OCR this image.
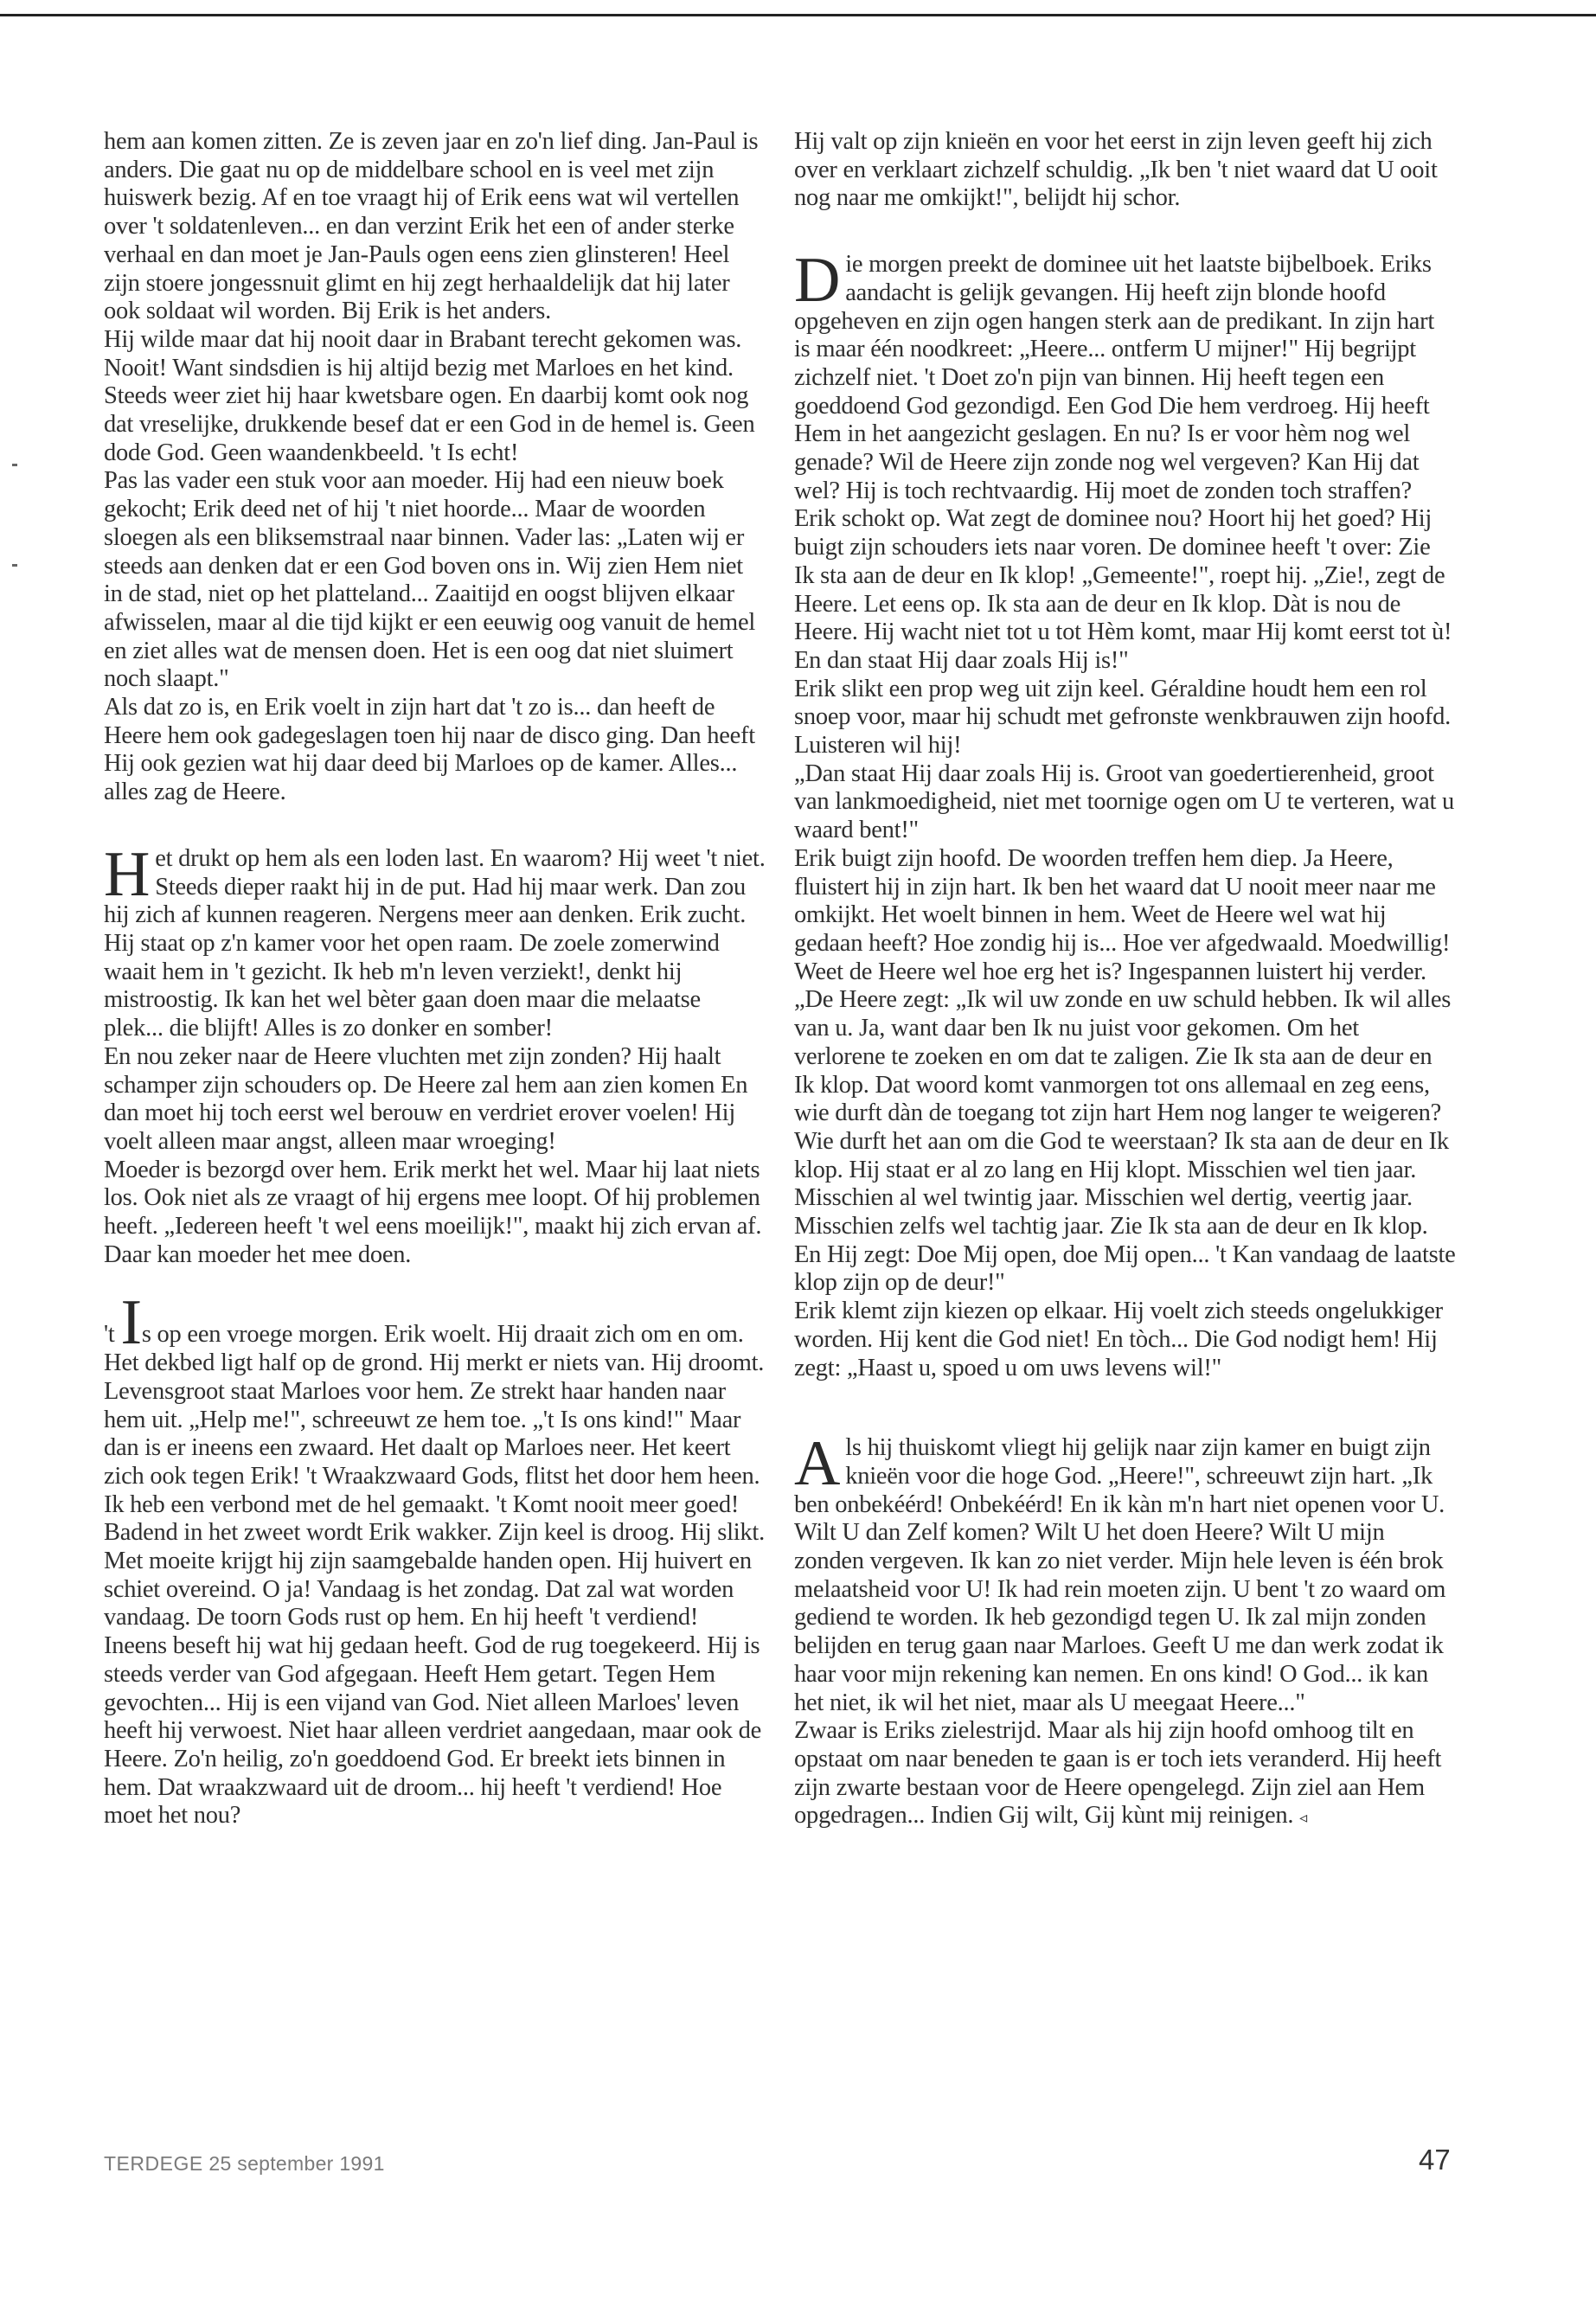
hem aan komen zitten. Ze is zeven jaar en zo'n lief ding. Jan-Paul is anders. Die gaat nu op de middelbare school en is veel met zijn huiswerk bezig. Af en toe vraagt hij of Erik eens wat wil vertellen over 't soldatenleven... en dan verzint Erik het een of ander sterke verhaal en dan moet je Jan-Pauls ogen eens zien glinsteren! Heel zijn stoere jongessnuit glimt en hij zegt herhaaldelijk dat hij later ook soldaat wil worden. Bij Erik is het anders.

Hij wilde maar dat hij nooit daar in Brabant terecht gekomen was. Nooit! Want sindsdien is hij altijd bezig met Marloes en het kind. Steeds weer ziet hij haar kwetsbare ogen. En daarbij komt ook nog dat vreselijke, drukkende besef dat er een God in de hemel is. Geen dode God. Geen waandenkbeeld. 't Is echt!

Pas las vader een stuk voor aan moeder. Hij had een nieuw boek gekocht; Erik deed net of hij 't niet hoorde... Maar de woorden sloegen als een bliksemstraal naar binnen. Vader las: „Laten wij er steeds aan denken dat er een God boven ons in. Wij zien Hem niet in de stad, niet op het platteland... Zaaitijd en oogst blijven elkaar afwisselen, maar al die tijd kijkt er een eeuwig oog vanuit de hemel en ziet alles wat de mensen doen. Het is een oog dat niet sluimert noch slaapt."

Als dat zo is, en Erik voelt in zijn hart dat 't zo is... dan heeft de Heere hem ook gadegeslagen toen hij naar de disco ging. Dan heeft Hij ook gezien wat hij daar deed bij Marloes op de kamer. Alles... alles zag de Heere.

Het drukt op hem als een loden last. En waarom? Hij weet 't niet. Steeds dieper raakt hij in de put. Had hij maar werk. Dan zou hij zich af kunnen reageren. Nergens meer aan denken. Erik zucht. Hij staat op z'n kamer voor het open raam. De zoele zomerwind waait hem in 't gezicht. Ik heb m'n leven verziekt!, denkt hij mistroostig. Ik kan het wel bèter gaan doen maar die melaatse plek... die blijft! Alles is zo donker en somber!

En nou zeker naar de Heere vluchten met zijn zonden? Hij haalt schamper zijn schouders op. De Heere zal hem aan zien komen En dan moet hij toch eerst wel berouw en verdriet erover voelen! Hij voelt alleen maar angst, alleen maar wroeging!

Moeder is bezorgd over hem. Erik merkt het wel. Maar hij laat niets los. Ook niet als ze vraagt of hij ergens mee loopt. Of hij problemen heeft. „Iedereen heeft 't wel eens moeilijk!", maakt hij zich ervan af. Daar kan moeder het mee doen.

't Is op een vroege morgen. Erik woelt. Hij draait zich om en om. Het dekbed ligt half op de grond. Hij merkt er niets van. Hij droomt. Levensgroot staat Marloes voor hem. Ze strekt haar handen naar hem uit. „Help me!", schreeuwt ze hem toe. „'t Is ons kind!" Maar dan is er ineens een zwaard. Het daalt op Marloes neer. Het keert zich ook tegen Erik! 't Wraakzwaard Gods, flitst het door hem heen. Ik heb een verbond met de hel gemaakt. 't Komt nooit meer goed!

Badend in het zweet wordt Erik wakker. Zijn keel is droog. Hij slikt. Met moeite krijgt hij zijn saamgebalde handen open. Hij huivert en schiet overeind. O ja! Vandaag is het zondag. Dat zal wat worden vandaag. De toorn Gods rust op hem. En hij heeft 't verdiend! Ineens beseft hij wat hij gedaan heeft. God de rug toegekeerd. Hij is steeds verder van God afgegaan. Heeft Hem getart. Tegen Hem gevochten... Hij is een vijand van God. Niet alleen Marloes' leven heeft hij verwoest. Niet haar alleen verdriet aangedaan, maar ook de Heere. Zo'n heilig, zo'n goeddoend God. Er breekt iets binnen in hem. Dat wraakzwaard uit de droom... hij heeft 't verdiend! Hoe moet het nou?

Hij valt op zijn knieën en voor het eerst in zijn leven geeft hij zich over en verklaart zichzelf schuldig. „Ik ben 't niet waard dat U ooit nog naar me omkijkt!", belijdt hij schor.

Die morgen preekt de dominee uit het laatste bijbelboek. Eriks aandacht is gelijk gevangen. Hij heeft zijn blonde hoofd opgeheven en zijn ogen hangen sterk aan de predikant. In zijn hart is maar één noodkreet: „Heere... ontferm U mijner!" Hij begrijpt zichzelf niet. 't Doet zo'n pijn van binnen. Hij heeft tegen een goeddoend God gezondigd. Een God Die hem verdroeg. Hij heeft Hem in het aangezicht geslagen. En nu? Is er voor hèm nog wel genade? Wil de Heere zijn zonde nog wel vergeven? Kan Hij dat wel? Hij is toch rechtvaardig. Hij moet de zonden toch straffen?

Erik schokt op. Wat zegt de dominee nou? Hoort hij het goed? Hij buigt zijn schouders iets naar voren. De dominee heeft 't over: Zie Ik sta aan de deur en Ik klop! „Gemeente!", roept hij. „Zie!, zegt de Heere. Let eens op. Ik sta aan de deur en Ik klop. Dàt is nou de Heere. Hij wacht niet tot u tot Hèm komt, maar Hij komt eerst tot ù! En dan staat Hij daar zoals Hij is!"

Erik slikt een prop weg uit zijn keel. Géraldine houdt hem een rol snoep voor, maar hij schudt met gefronste wenkbrauwen zijn hoofd. Luisteren wil hij!

„Dan staat Hij daar zoals Hij is. Groot van goedertierenheid, groot van lankmoedigheid, niet met toornige ogen om U te verteren, wat u waard bent!"

Erik buigt zijn hoofd. De woorden treffen hem diep. Ja Heere, fluistert hij in zijn hart. Ik ben het waard dat U nooit meer naar me omkijkt. Het woelt binnen in hem. Weet de Heere wel wat hij gedaan heeft? Hoe zondig hij is... Hoe ver afgedwaald. Moedwillig! Weet de Heere wel hoe erg het is? Ingespannen luistert hij verder.

„De Heere zegt: „Ik wil uw zonde en uw schuld hebben. Ik wil alles van u. Ja, want daar ben Ik nu juist voor gekomen. Om het verlorene te zoeken en om dat te zaligen. Zie Ik sta aan de deur en Ik klop. Dat woord komt vanmorgen tot ons allemaal en zeg eens, wie durft dàn de toegang tot zijn hart Hem nog langer te weigeren? Wie durft het aan om die God te weerstaan? Ik sta aan de deur en Ik klop. Hij staat er al zo lang en Hij klopt. Misschien wel tien jaar. Misschien al wel twintig jaar. Misschien wel dertig, veertig jaar. Misschien zelfs wel tachtig jaar. Zie Ik sta aan de deur en Ik klop. En Hij zegt: Doe Mij open, doe Mij open... 't Kan vandaag de laatste klop zijn op de deur!"

Erik klemt zijn kiezen op elkaar. Hij voelt zich steeds ongelukkiger worden. Hij kent die God niet! En tòch... Die God nodigt hem! Hij zegt: „Haast u, spoed u om uws levens wil!"

Als hij thuiskomt vliegt hij gelijk naar zijn kamer en buigt zijn knieën voor die hoge God. „Heere!", schreeuwt zijn hart. „Ik ben onbekéérd! Onbekéérd! En ik kàn m'n hart niet openen voor U. Wilt U dan Zelf komen? Wilt U het doen Heere? Wilt U mijn zonden vergeven. Ik kan zo niet verder. Mijn hele leven is één brok melaatsheid voor U! Ik had rein moeten zijn. U bent 't zo waard om gediend te worden. Ik heb gezondigd tegen U. Ik zal mijn zonden belijden en terug gaan naar Marloes. Geeft U me dan werk zodat ik haar voor mijn rekening kan nemen. En ons kind! O God... ik kan het niet, ik wil het niet, maar als U meegaat Heere..."

Zwaar is Eriks zielestrijd. Maar als hij zijn hoofd omhoog tilt en opstaat om naar beneden te gaan is er toch iets veranderd. Hij heeft zijn zwarte bestaan voor de Heere opengelegd. Zijn ziel aan Hem opgedragen... Indien Gij wilt, Gij kùnt mij reinigen. ◃

TERDEGE 25 september 1991	47
